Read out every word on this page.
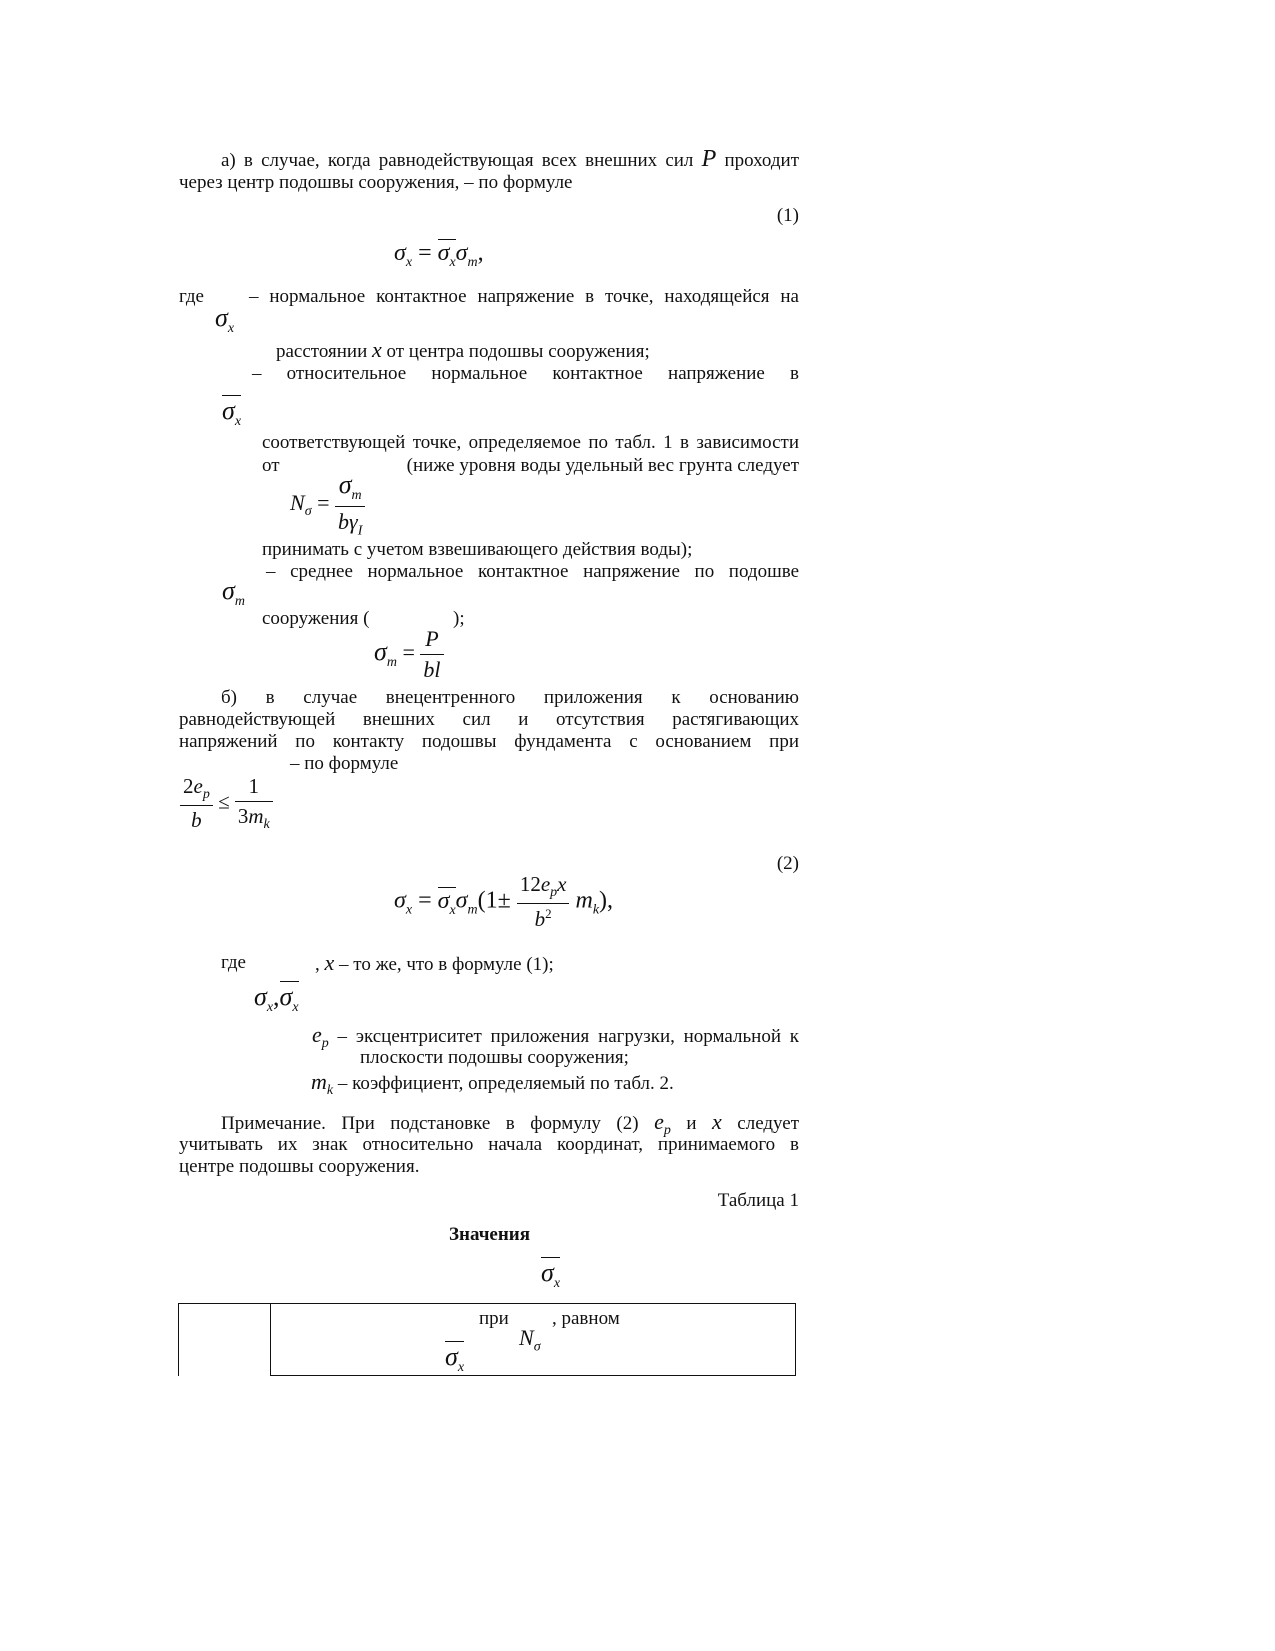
а) в случае, когда равнодействующая всех внешних сил P проходит
через центр подошвы сооружения, – по формуле
(1)
$\sigma_x = \sigma_x\sigma_m$,
где – нормальное контактное напряжение в точке, находящейся на
$\sigma_x$
расстоянии x от центра подошвы сооружения;
– относительное нормальное контактное напряжение в
$\sigma_x$
соответствующей точке, определяемое по табл. 1 в зависимости
от	(ниже уровня воды удельный вес грунта следует
$N_\sigma = \frac{\sigma_m}{b\gamma_I}$
принимать с учетом взвешивающего действия воды);
– среднее нормальное контактное напряжение по подошве
$\sigma_m$
сооружения (	);
$\sigma_m = \frac{P}{bl}$
б) в случае внецентренного приложения к основанию
равнодействующей внешних сил и отсутствия растягивающих
напряжений по контакту подошвы фундамента с основанием при
– по формуле
$\frac{2e_p}{b} \le \frac{1}{3m_k}$
(2)
$\sigma_x = \sigma_x\sigma_m(1\pm \frac{12e_px}{b^2} m_k)$,
где	, x – то же, что в формуле (1);
$\sigma_x,\sigma_x$
$e_p$ – эксцентриситет приложения нагрузки, нормальной к
плоскости подошвы сооружения;
$m_k$ – коэффициент, определяемый по табл. 2.
Примечание. При подстановке в формулу (2) $e_p$ и x следует
учитывать их знак относительно начала координат, принимаемого в
центре подошвы сооружения.
Таблица 1
Значения
$\sigma_x$
при , равном
$N_\sigma$
$\sigma_x$
